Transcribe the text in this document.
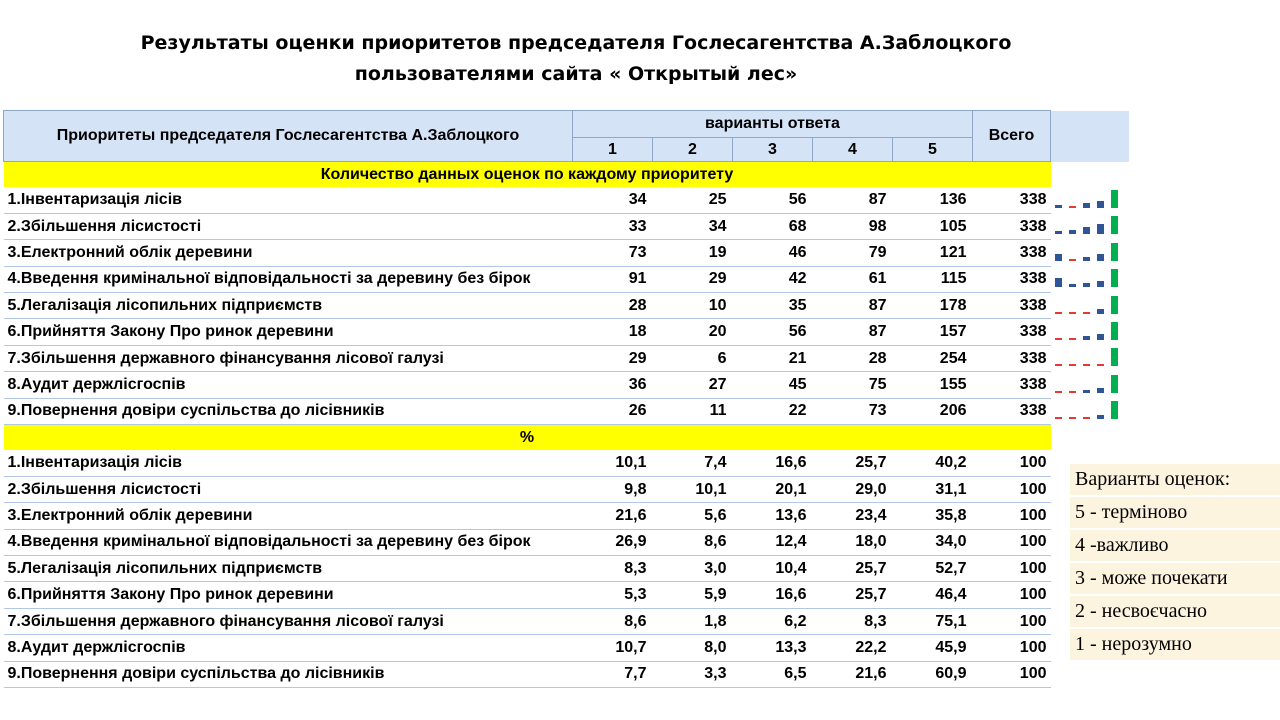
Результаты оценки приоритетов председателя Гослесагентства А.Заблоцкого
пользователями сайта « Открытый лес»
Приоритеты председателя Гослесагентства А.Заблоцкого	варианты ответа					Всего	
	1	2	3	4	5		
Количество данных оценок по каждому приоритету							
1.Інвентаризація лісів	34	25	56	87	136	338	

2.Збільшення лісистості	33	34	68	98	105	338	

3.Електронний облік деревини	73	19	46	79	121	338	

4.Введення кримінальної відповідальності за деревину без бірок	91	29	42	61	115	338	

5.Легалізація лісопильних підприємств	28	10	35	87	178	338	

6.Прийняття Закону Про ринок деревини	18	20	56	87	157	338	

7.Збільшення державного фінансування лісової галузі	29	6	21	28	254	338	

8.Аудит держлісгоспів	36	27	45	75	155	338	

9.Повернення довіри суспільства до лісівників	26	11	22	73	206	338	

%							
1.Інвентаризація лісів	10,1	7,4	16,6	25,7	40,2	100	
2.Збільшення лісистості	9,8	10,1	20,1	29,0	31,1	100	
3.Електронний облік деревини	21,6	5,6	13,6	23,4	35,8	100	
4.Введення кримінальної відповідальності за деревину без бірок	26,9	8,6	12,4	18,0	34,0	100	
5.Легалізація лісопильних підприємств	8,3	3,0	10,4	25,7	52,7	100	
6.Прийняття Закону Про ринок деревини	5,3	5,9	16,6	25,7	46,4	100	
7.Збільшення державного фінансування лісової галузі	8,6	1,8	6,2	8,3	75,1	100	
8.Аудит держлісгоспів	10,7	8,0	13,3	22,2	45,9	100	
9.Повернення довіри суспільства до лісівників	7,7	3,3	6,5	21,6	60,9	100	
Варианты оценок:
5 - терміново
4 -важливо
3 - може почекати
2 - несвоєчасно
1 - нерозумно
